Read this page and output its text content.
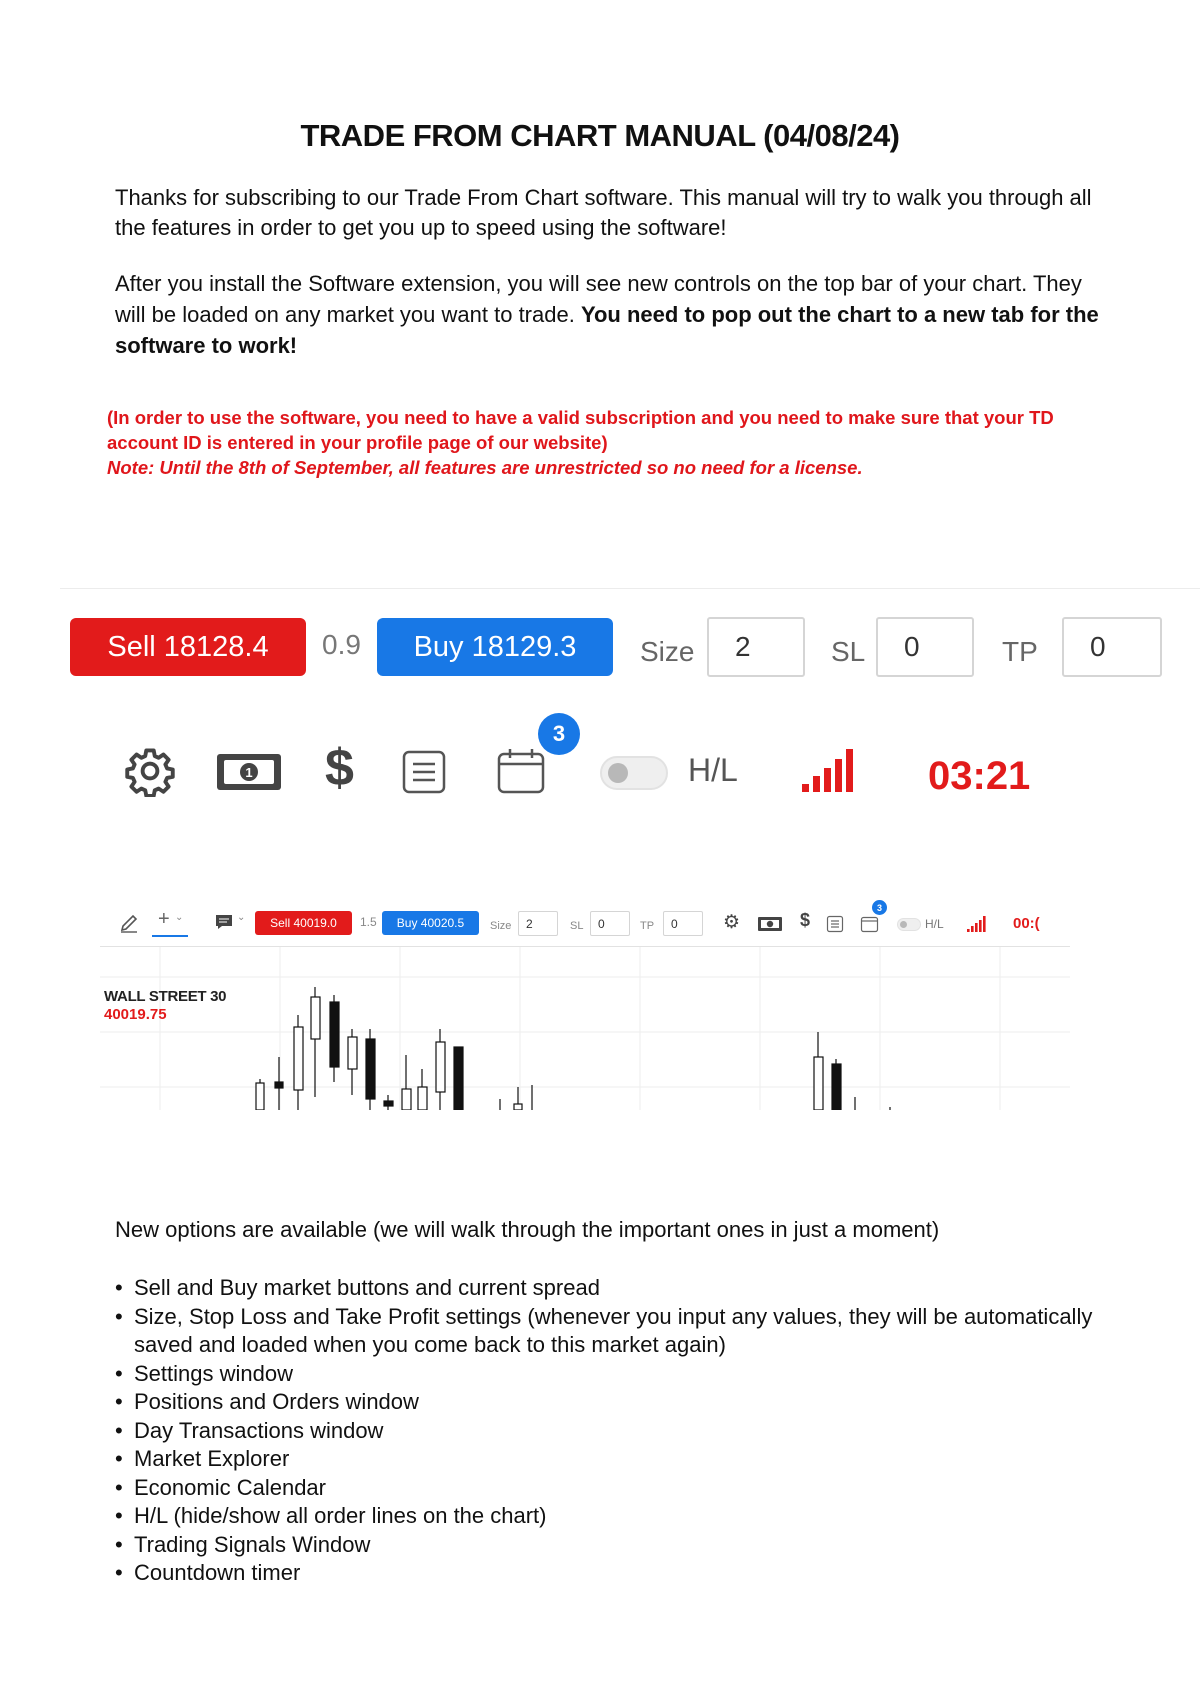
TRADE FROM CHART MANUAL (04/08/24)
Thanks for subscribing to our Trade From Chart software. This manual will try to walk you through all the features in order to get you up to speed using the software!
After you install the Software extension, you will see new controls on the top bar of your chart. They will be loaded on any market you want to trade. You need to pop out the chart to a new tab for the software to work!
(In order to use the software, you need to have a valid subscription and you need to make sure that your TD account ID is entered in your profile page of our website)
Note: Until the 8th of September, all features are unrestricted so no need for a license.
Sell 18128.4	0.9	Buy 18129.3	Size	2	SL	0	TP	0
1 $
3
H/L	03:21
+ ⌄	⌄	Sell 40019.0	1.5	Buy 40020.5	Size	2	SL	0	TP	0	⚙	$
3
H/L	00:(
WALL STREET 30
40019.75
New options are available (we will walk through the important ones in just a moment)
• Sell and Buy market buttons and current spread
• Size, Stop Loss and Take Profit settings (whenever you input any values, they will be automatically saved and loaded when you come back to this market again)
• Settings window
• Positions and Orders window
• Day Transactions window
• Market Explorer
• Economic Calendar
• H/L (hide/show all order lines on the chart)
• Trading Signals Window
• Countdown timer
